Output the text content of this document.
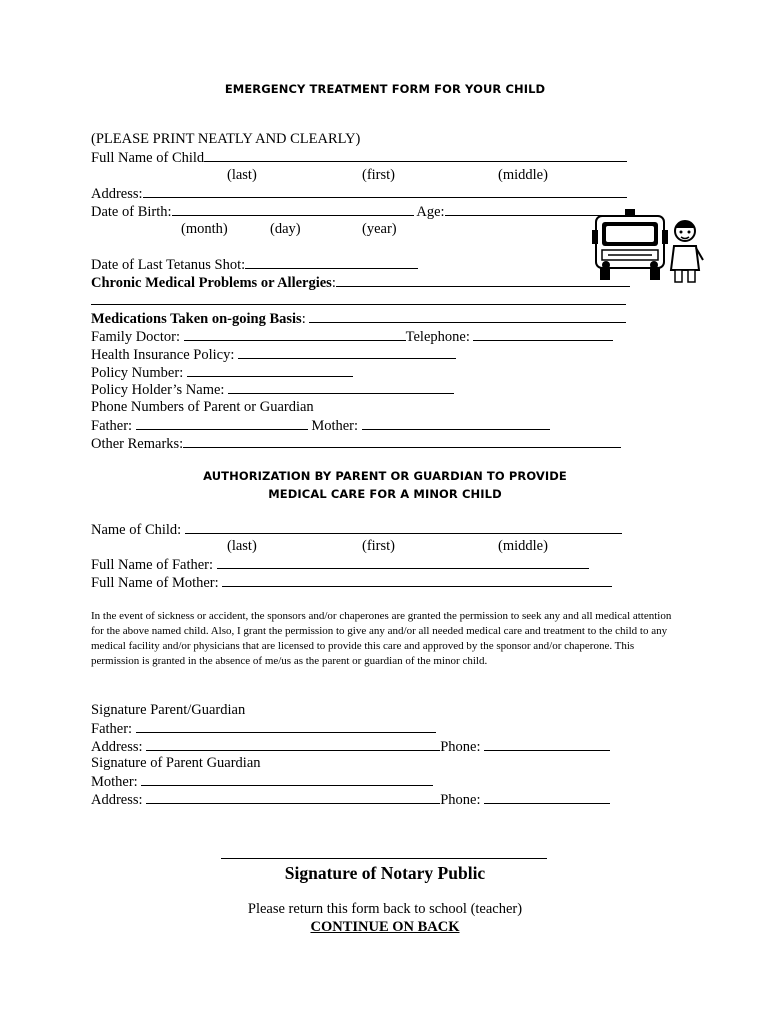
EMERGENCY TREATMENT FORM FOR YOUR CHILD
(PLEASE PRINT NEATLY AND CLEARLY)
Full Name of Child
(last)	(first)	(middle)
Address:
Date of Birth:	Age:
(month)	(day)	(year)
Date of Last Tetanus Shot:
Chronic Medical Problems or Allergies:
Medications Taken on-going Basis:
Family Doctor:	Telephone:
Health Insurance Policy:
Policy Number:
Policy Holder’s Name:
Phone Numbers of Parent or Guardian
Father:	Mother:
Other Remarks:
AUTHORIZATION BY PARENT OR GUARDIAN TO PROVIDE
MEDICAL CARE FOR A MINOR CHILD
Name of Child:
(last)	(first)	(middle)
Full Name of Father:
Full Name of Mother:
In the event of sickness or accident, the sponsors and/or chaperones are granted the permission to seek any and all medical attention for the above named child. Also, I grant the permission to give any and/or all needed medical care and treatment to the child to any medical facility and/or physicians that are licensed to provide this care and approved by the sponsor and/or chaperone. This permission is granted in the absence of me/us as the parent or guardian of the minor child.
Signature Parent/Guardian
Father:
Address:	Phone:
Signature of Parent Guardian
Mother:
Address:	Phone:
Signature of Notary Public
Please return this form back to school (teacher)
CONTINUE ON BACK
